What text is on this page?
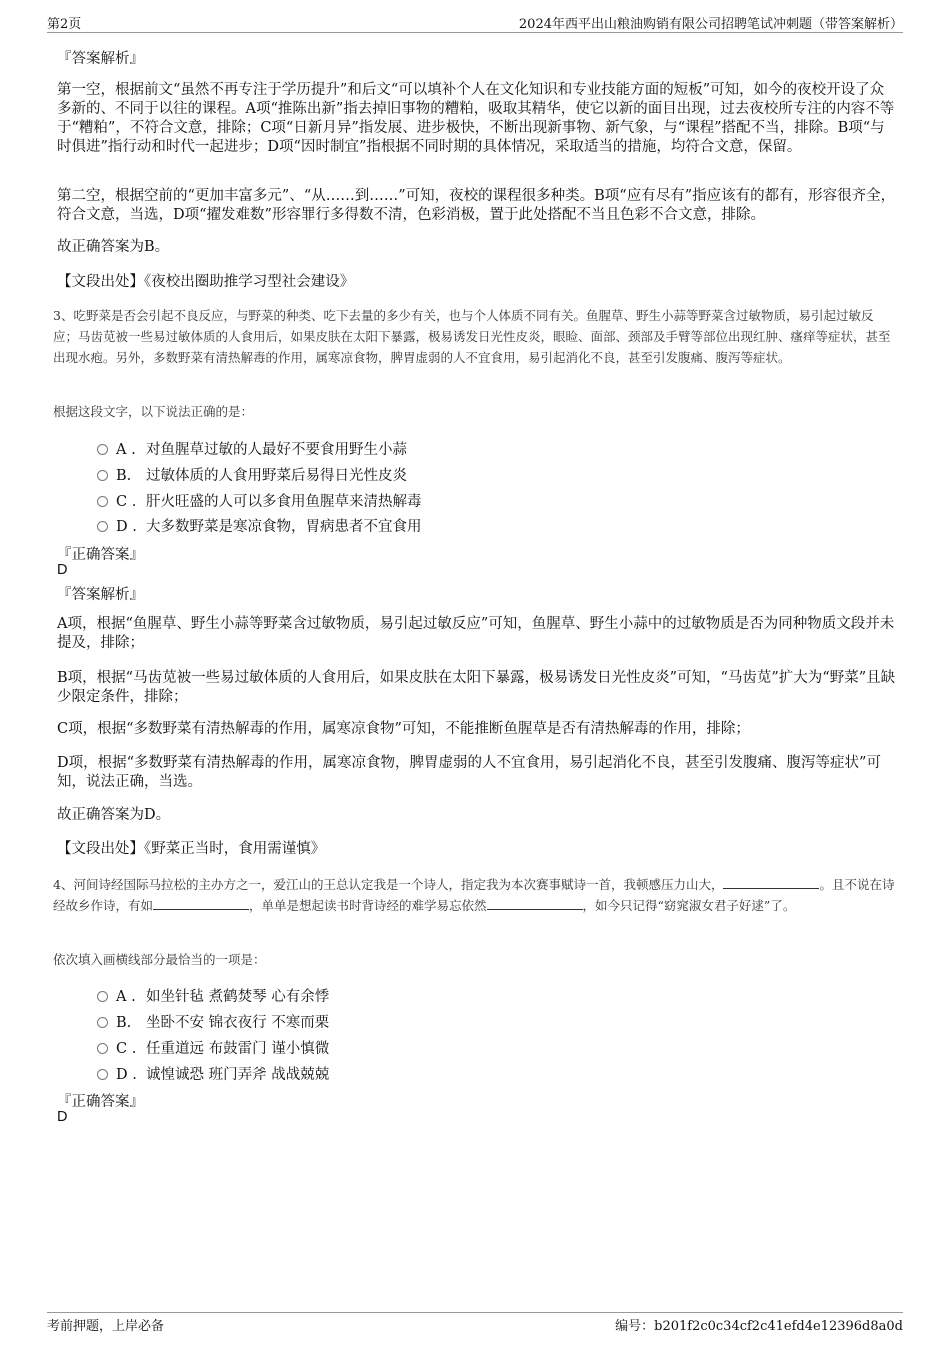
第2页	2024年西平出山粮油购销有限公司招聘笔试冲刺题（带答案解析）
『答案解析』
第一空，根据前文“虽然不再专注于学历提升”和后文“可以填补个人在文化知识和专业技能方面的短板”可知，如今的夜校开设了众多新的、不同于以往的课程。A项“推陈出新”指去掉旧事物的糟粕，吸取其精华，使它以新的面目出现，过去夜校所专注的内容不等于“糟粕”，不符合文意，排除；C项“日新月异”指发展、进步极快，不断出现新事物、新气象，与“课程”搭配不当，排除。B项“与时俱进”指行动和时代一起进步；D项“因时制宜”指根据不同时期的具体情况，采取适当的措施，均符合文意，保留。
第二空，根据空前的“更加丰富多元”、“从……到……”可知，夜校的课程很多种类。B项“应有尽有”指应该有的都有，形容很齐全，符合文意，当选，D项“擢发难数”形容罪行多得数不清，色彩消极，置于此处搭配不当且色彩不合文意，排除。
故正确答案为B。
【文段出处】《夜校出圈助推学习型社会建设》
3、吃野菜是否会引起不良反应，与野菜的种类、吃下去量的多少有关，也与个人体质不同有关。鱼腥草、野生小蒜等野菜含过敏物质，易引起过敏反应；马齿苋被一些易过敏体质的人食用后，如果皮肤在太阳下暴露，极易诱发日光性皮炎，眼睑、面部、颈部及手臂等部位出现红肿、瘙痒等症状，甚至出现水疱。另外，多数野菜有清热解毒的作用，属寒凉食物，脾胃虚弱的人不宜食用，易引起消化不良，甚至引发腹痛、腹泻等症状。
根据这段文字，以下说法正确的是：
A . 对鱼腥草过敏的人最好不要食用野生小蒜
B. 过敏体质的人食用野菜后易得日光性皮炎
C . 肝火旺盛的人可以多食用鱼腥草来清热解毒
D . 大多数野菜是寒凉食物，胃病患者不宜食用
『正确答案』
D
『答案解析』
A项，根据“鱼腥草、野生小蒜等野菜含过敏物质，易引起过敏反应”可知，鱼腥草、野生小蒜中的过敏物质是否为同种物质文段并未提及，排除；
B项，根据“马齿苋被一些易过敏体质的人食用后，如果皮肤在太阳下暴露，极易诱发日光性皮炎”可知，“马齿苋”扩大为“野菜”且缺少限定条件，排除；
C项，根据“多数野菜有清热解毒的作用，属寒凉食物”可知，不能推断鱼腥草是否有清热解毒的作用，排除；
D项，根据“多数野菜有清热解毒的作用，属寒凉食物，脾胃虚弱的人不宜食用，易引起消化不良，甚至引发腹痛、腹泻等症状”可知，说法正确，当选。
故正确答案为D。
【文段出处】《野菜正当时，食用需谨慎》
4、河间诗经国际马拉松的主办方之一，爱江山的王总认定我是一个诗人，指定我为本次赛事赋诗一首，我顿感压力山大，	。且不说在诗经故乡作诗，有如	，单单是想起读书时背诗经的难学易忘依然	，如今只记得“窈窕淑女君子好逑”了。
依次填入画横线部分最恰当的一项是：
A . 如坐针毡 煮鹤焚琴 心有余悸
B. 坐卧不安 锦衣夜行 不寒而栗
C . 任重道远 布鼓雷门 谨小慎微
D . 诚惶诚恐 班门弄斧 战战兢兢
『正确答案』
D
考前押题，上岸必备	编号：b201f2c0c34cf2c41efd4e12396d8a0d
